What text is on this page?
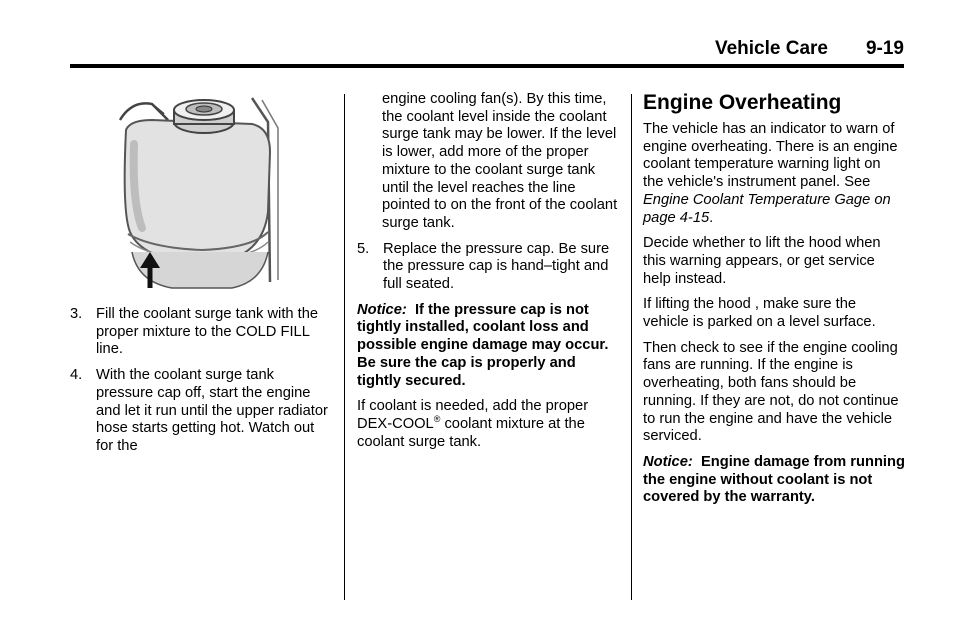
Vehicle Care 9-19
3. Fill the coolant surge tank with the proper mixture to the COLD FILL line.
4. With the coolant surge tank pressure cap off, start the engine and let it run until the upper radiator hose starts getting hot. Watch out for the
engine cooling fan(s). By this time, the coolant level inside the coolant surge tank may be lower. If the level is lower, add more of the proper mixture to the coolant surge tank until the level reaches the line pointed to on the front of the coolant surge tank.
5. Replace the pressure cap. Be sure the pressure cap is hand–tight and full seated.

Notice: If the pressure cap is not tightly installed, coolant loss and possible engine damage may occur. Be sure the cap is properly and tightly secured.

If coolant is needed, add the proper DEX-COOL® coolant mixture at the coolant surge tank.

Engine Overheating

The vehicle has an indicator to warn of engine overheating. There is an engine coolant temperature warning light on the vehicle's instrument panel. See Engine Coolant Temperature Gage on page 4-15.

Decide whether to lift the hood when this warning appears, or get service help instead.

If lifting the hood , make sure the vehicle is parked on a level surface.

Then check to see if the engine cooling fans are running. If the engine is overheating, both fans should be running. If they are not, do not continue to run the engine and have the vehicle serviced.

Notice: Engine damage from running the engine without coolant is not covered by the warranty.
